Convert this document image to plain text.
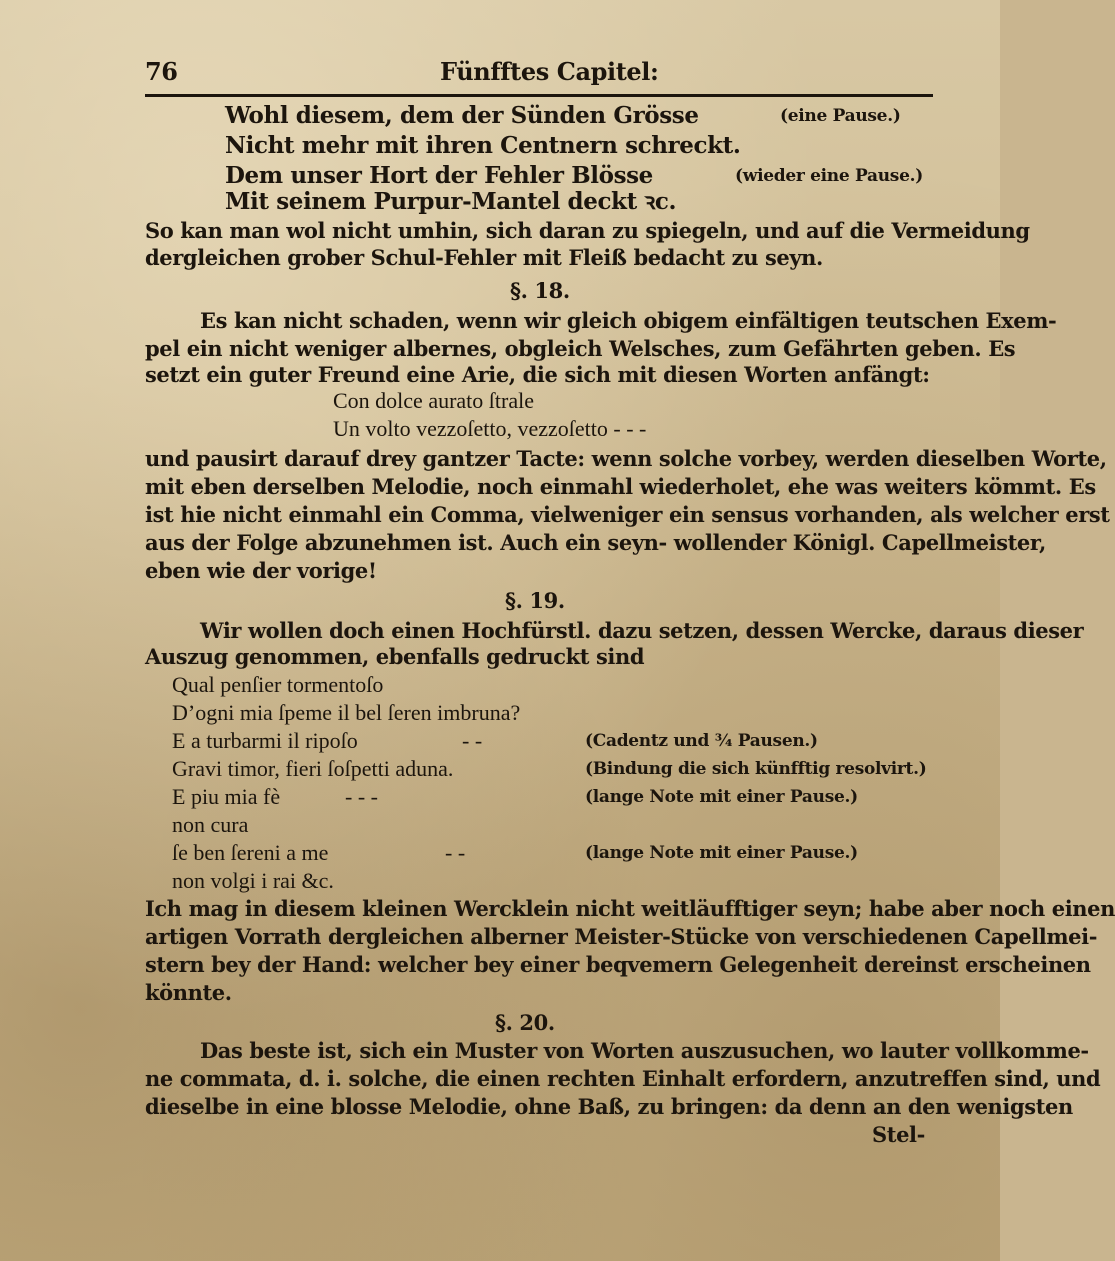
76	Fünfftes Capitel:
Wohl diesem, dem der Sünden Grösse	(eine Pause.)
Nicht mehr mit ihren Centnern schreckt.
Dem unser Hort der Fehler Blösse	(wieder eine Pause.)
Mit seinem Purpur-Mantel deckt ꝛc.
So kan man wol nicht umhin, sich daran zu spiegeln, und auf die Vermeidung
dergleichen grober Schul-Fehler mit Fleiß bedacht zu seyn.
§. 18.
Es kan nicht schaden, wenn wir gleich obigem einfältigen teutschen Exem-
pel ein nicht weniger albernes, obgleich Welsches, zum Gefährten geben. Es
setzt ein guter Freund eine Arie, die sich mit diesen Worten anfängt:
Con dolce aurato ſtrale
Un volto vezzoſetto, vezzoſetto - - -
und pausirt darauf drey gantzer Tacte: wenn solche vorbey, werden dieselben Worte,
mit eben derselben Melodie, noch einmahl wiederholet, ehe was weiters kömmt. Es
ist hie nicht einmahl ein Comma, vielweniger ein sensus vorhanden, als welcher erst
aus der Folge abzunehmen ist. Auch ein seyn- wollender Königl. Capellmeister,
eben wie der vorige!
§. 19.
Wir wollen doch einen Hochfürstl. dazu setzen, dessen Wercke, daraus dieser
Auszug genommen, ebenfalls gedruckt sind
Qual penſier tormentoſo
D’ogni mia ſpeme il bel ſeren imbruna?
E a turbarmi il ripoſo	- -	(Cadentz und ¾ Pausen.)
Gravi timor, fieri ſoſpetti aduna.	(Bindung die sich künfftig resolvirt.)
E piu mia fè	- - -	(lange Note mit einer Pause.)
non cura
ſe ben ſereni a me	- -	(lange Note mit einer Pause.)
non volgi i rai &c.
Ich mag in diesem kleinen Wercklein nicht weitläufftiger seyn; habe aber noch einen
artigen Vorrath dergleichen alberner Meister-Stücke von verschiedenen Capellmei-
stern bey der Hand: welcher bey einer beqvemern Gelegenheit dereinst erscheinen
könnte.
§. 20.
Das beste ist, sich ein Muster von Worten auszusuchen, wo lauter vollkomme-
ne commata, d. i. solche, die einen rechten Einhalt erfordern, anzutreffen sind, und
dieselbe in eine blosse Melodie, ohne Baß, zu bringen: da denn an den wenigsten
Stel-
